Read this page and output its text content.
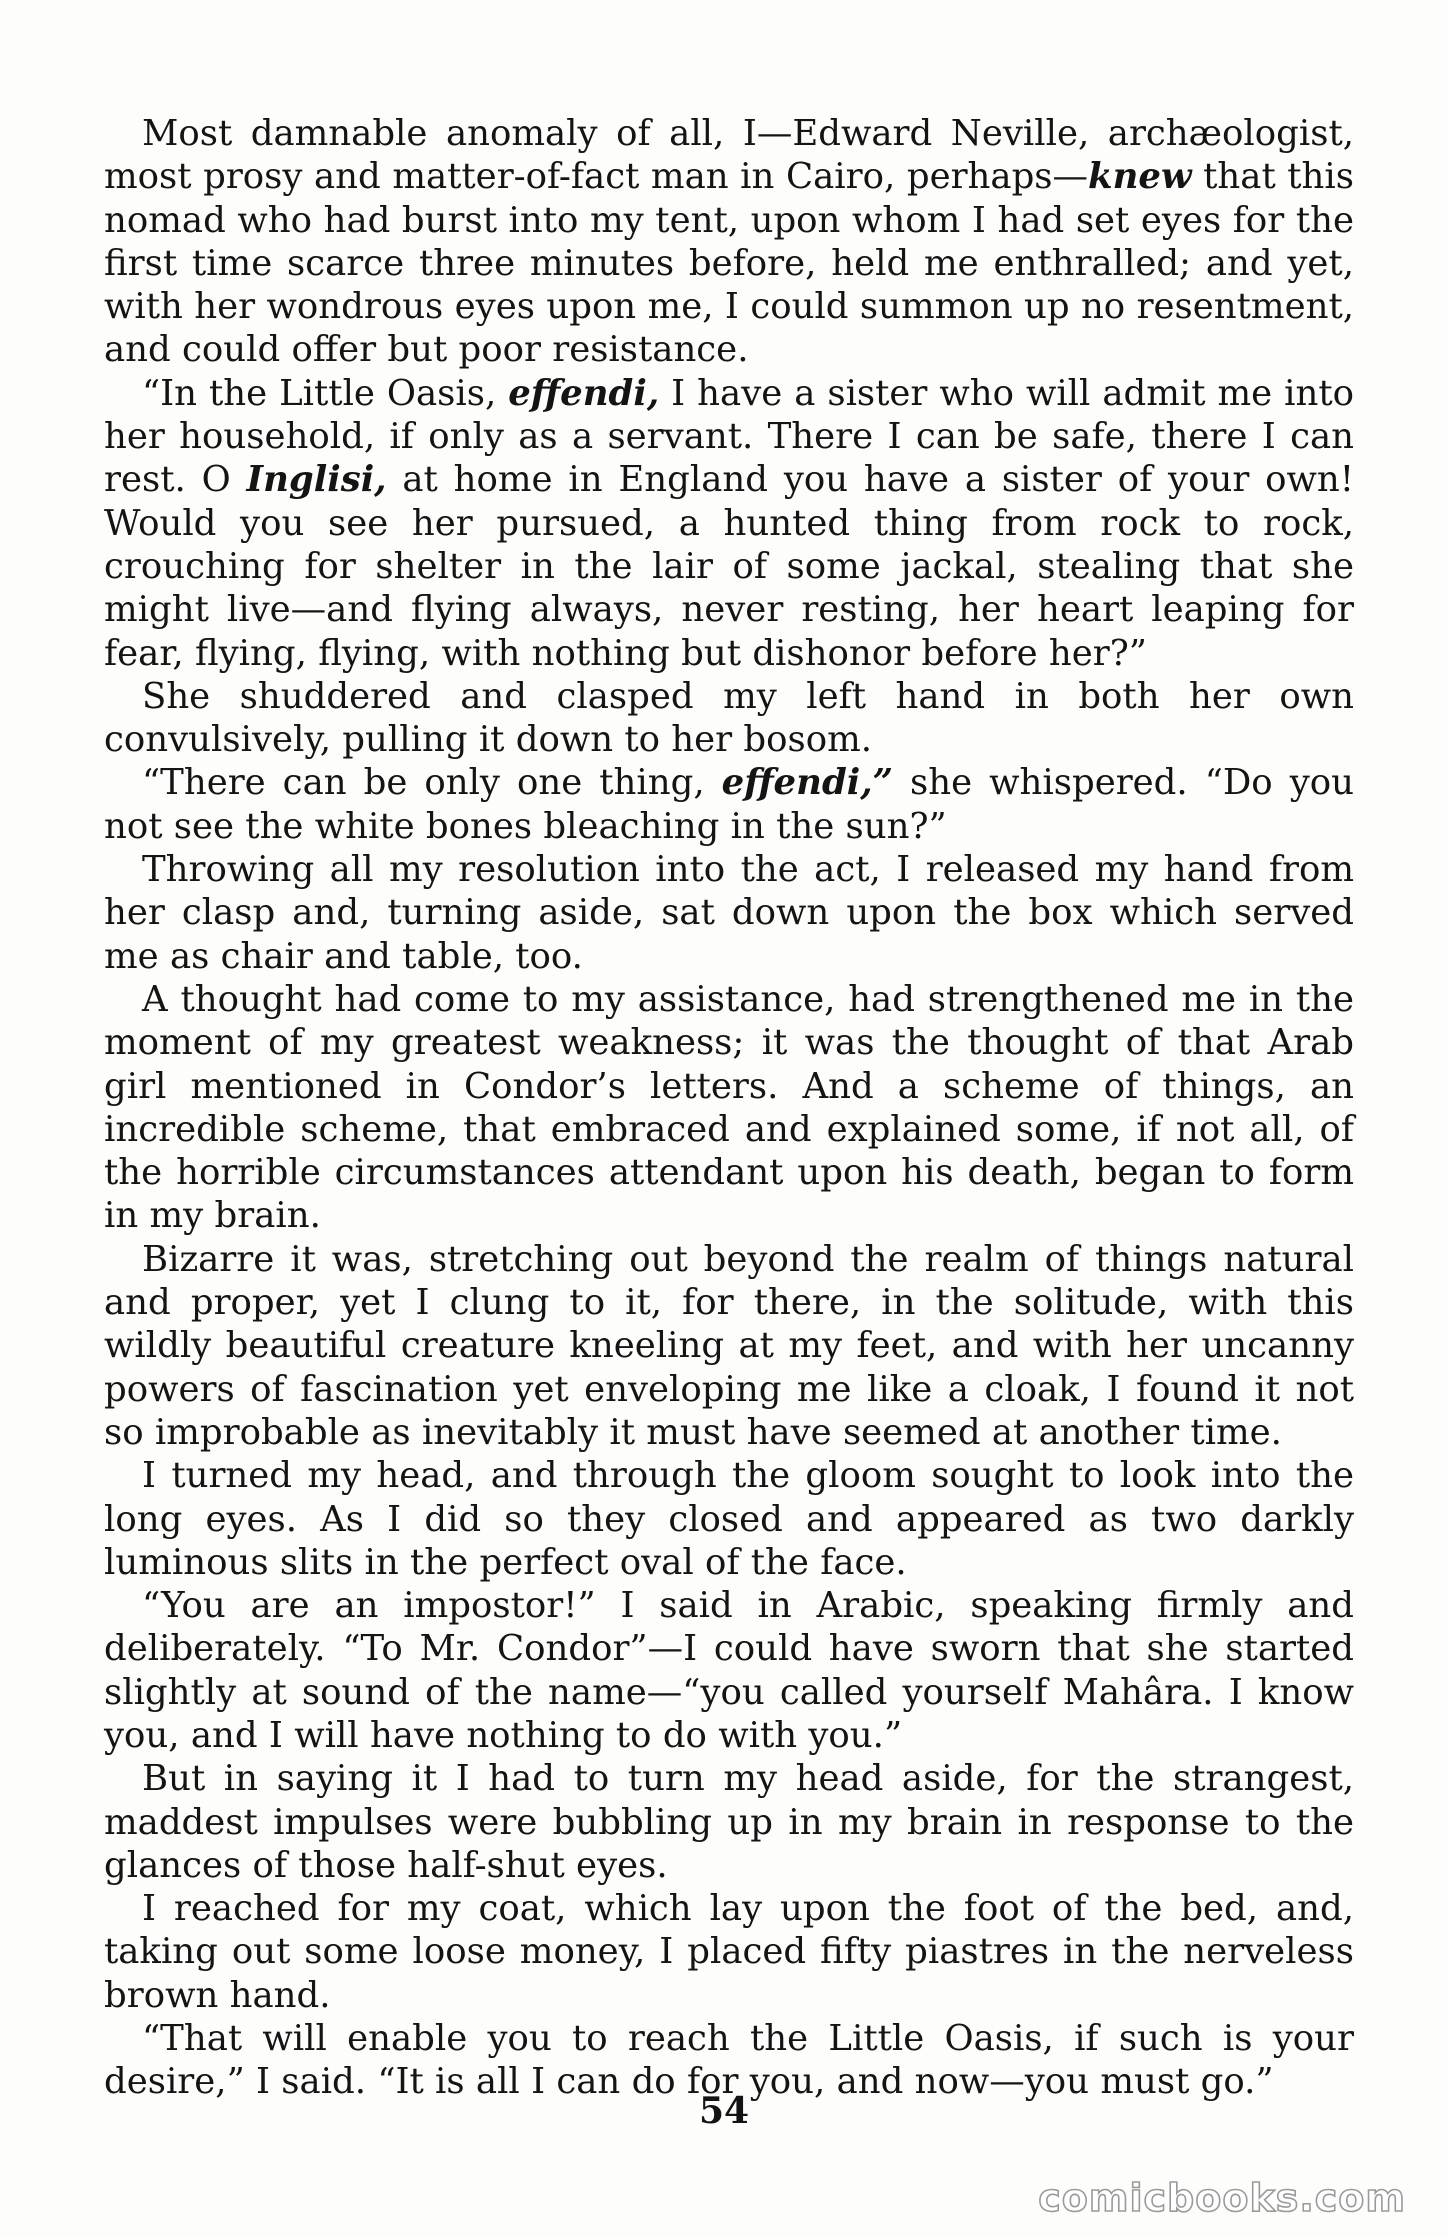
Most damnable anomaly of all, I—Edward Neville, archæologist, most prosy and matter-of-fact man in Cairo, perhaps—knew that this nomad who had burst into my tent, upon whom I had set eyes for the first time scarce three minutes before, held me enthralled; and yet, with her wondrous eyes upon me, I could summon up no resentment, and could offer but poor resistance.

“In the Little Oasis, effendi, I have a sister who will admit me into her household, if only as a servant. There I can be safe, there I can rest. O Inglisi, at home in England you have a sister of your own! Would you see her pursued, a hunted thing from rock to rock, crouching for shelter in the lair of some jackal, stealing that she might live—and flying always, never resting, her heart leaping for fear, flying, flying, with nothing but dishonor before her?”

She shuddered and clasped my left hand in both her own convulsively, pulling it down to her bosom.

“There can be only one thing, effendi,” she whispered. “Do you not see the white bones bleaching in the sun?”

Throwing all my resolution into the act, I released my hand from her clasp and, turning aside, sat down upon the box which served me as chair and table, too.

A thought had come to my assistance, had strengthened me in the moment of my greatest weakness; it was the thought of that Arab girl mentioned in Condor’s letters. And a scheme of things, an incredible scheme, that embraced and explained some, if not all, of the horrible circumstances attendant upon his death, began to form in my brain.

Bizarre it was, stretching out beyond the realm of things natural and proper, yet I clung to it, for there, in the solitude, with this wildly beautiful creature kneeling at my feet, and with her uncanny powers of fascination yet enveloping me like a cloak, I found it not so improbable as inevitably it must have seemed at another time.

I turned my head, and through the gloom sought to look into the long eyes. As I did so they closed and appeared as two darkly luminous slits in the perfect oval of the face.

“You are an impostor!” I said in Arabic, speaking firmly and deliberately. “To Mr. Condor”—I could have sworn that she started slightly at sound of the name—“you called yourself Mahâra. I know you, and I will have nothing to do with you.”

But in saying it I had to turn my head aside, for the strangest, maddest impulses were bubbling up in my brain in response to the glances of those half-shut eyes.

I reached for my coat, which lay upon the foot of the bed, and, taking out some loose money, I placed fifty piastres in the nerveless brown hand.

“That will enable you to reach the Little Oasis, if such is your desire,” I said. “It is all I can do for you, and now—you must go.”

54
comicbooks.com
